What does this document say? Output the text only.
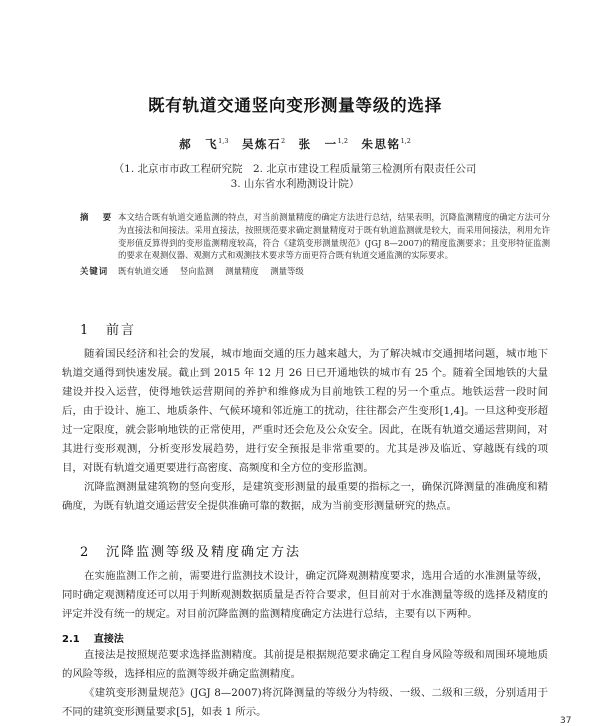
既有轨道交通竖向变形测量等级的选择
郝　飞$^{1,3}$ 吴炼石$^2$ 张　一$^{1,2}$ 朱思铭$^{1,2}$
（1. 北京市市政工程研究院　2. 北京市建设工程质量第三检测所有限责任公司
3. 山东省水利勘测设计院）
摘　要 本文结合既有轨道交通监测的特点，对当前测量精度的确定方法进行总结，结果表明，沉降监测精度的确定方法可分为直接法和间接法。采用直接法，按照规范要求确定测量精度对于既有轨道监测就是较大，而采用间接法，利用允许变形值反算得到的变形监测精度较高，符合《建筑变形测量规范》(JGJ 8—2007)的精度监测要求；且变形特征监测的要求在观测仪器、观测方式和观测技术要求等方面更符合既有轨道交通监测的实际要求。
关键词	既有轨道交通 竖向监测 测量精度 测量等级
1 前言

随着国民经济和社会的发展，城市地面交通的压力越来越大，为了解决城市交通拥堵问题，城市地下轨道交通得到快速发展。截止到 2015 年 12 月 26 日已开通地铁的城市有 25 个。随着全国地铁的大量建设并投入运营，使得地铁运营期间的养护和维修成为目前地铁工程的另一个重点。地铁运营一段时间后，由于设计、施工、地质条件、气候环境和邻近施工的扰动，往往都会产生变形[1,4]。一旦这种变形超过一定限度，就会影响地铁的正常使用，严重时还会危及公众安全。因此，在既有轨道交通运营期间，对其进行变形观测，分析变形发展趋势，进行安全预报是非常重要的。尤其是涉及临近、穿越既有线的项目，对既有轨道交通更要进行高密度、高频度和全方位的变形监测。

沉降监测测量建筑物的竖向变形，是建筑变形测量的最重要的指标之一，确保沉降测量的准确度和精确度，为既有轨道交通运营安全提供准确可靠的数据，成为当前变形测量研究的热点。

2 沉降监测等级及精度确定方法

在实施监测工作之前，需要进行监测技术设计，确定沉降观测精度要求，选用合适的水准测量等级，同时确定观测精度还可以用于判断观测数据质量是否符合要求，但目前对于水准测量等级的选择及精度的评定并没有统一的规定。对目前沉降监测的监测精度确定方法进行总结，主要有以下两种。

2.1 直接法

直接法是按照规范要求选择监测精度。其前提是根据规范要求确定工程自身风险等级和周围环境地质的风险等级，选择相应的监测等级并确定监测精度。

《建筑变形测量规范》(JGJ 8—2007)将沉降测量的等级分为特级、一级、二级和三级，分别适用于不同的建筑变形测量要求[5]，如表 1 所示。

37
